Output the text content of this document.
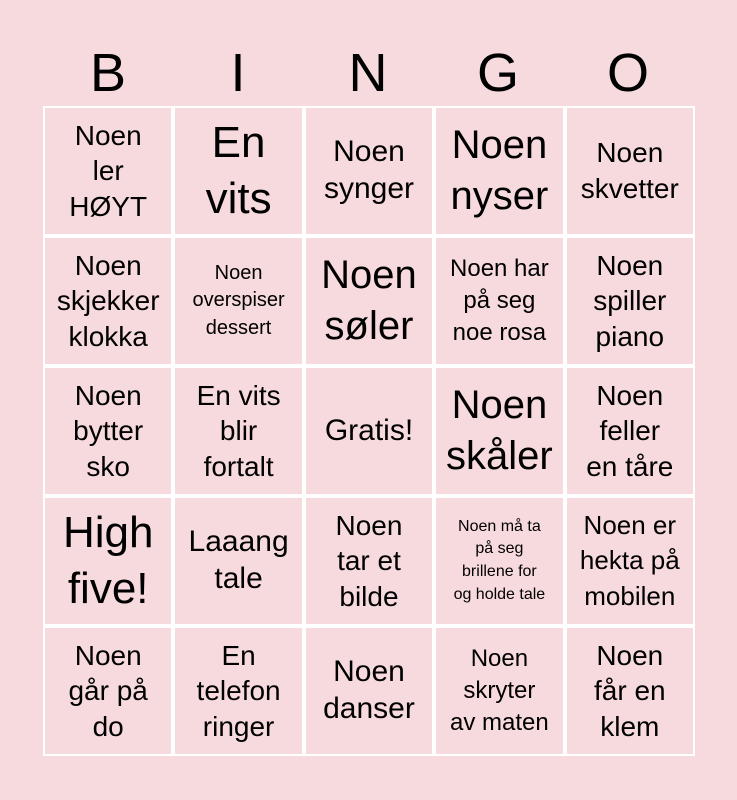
B	I	N	G	O
Noen
ler
HØYT
En
vits
Noen
synger
Noen
nyser
Noen
skvetter
Noen
skjekker
klokka
Noen
overspiser
dessert
Noen
søler
Noen har
på seg
noe rosa
Noen
spiller
piano
Noen
bytter
sko
En vits
blir
fortalt
Gratis!
Noen
skåler
Noen
feller
en tåre
High
five!
Laaang
tale
Noen
tar et
bilde
Noen må ta
på seg
brillene for
og holde tale
Noen er
hekta på
mobilen
Noen
går på
do
En
telefon
ringer
Noen
danser
Noen
skryter
av maten
Noen
får en
klem
